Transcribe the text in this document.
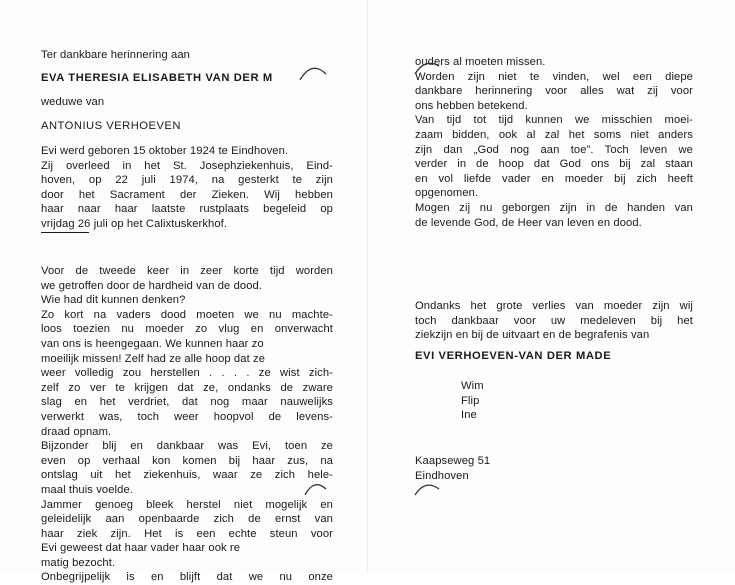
Ter dankbare herinnering aan
EVA THERESIA ELISABETH VAN DER M
weduwe van
ANTONIUS VERHOEVEN
Evi werd geboren 15 oktober 1924 te Eindhoven.
Zij overleed in het St. Josephziekenhuis, Eind-
hoven, op 22 juli 1974, na gesterkt te zijn
door het Sacrament der Zieken. Wij hebben
haar naar haar laatste rustplaats begeleid op
vrijdag 26 juli op het Calixtuskerkhof.
Voor de tweede keer in zeer korte tijd worden
we getroffen door de hardheid van de dood.
Wie had dit kunnen denken?
Zo kort na vaders dood moeten we nu machte-
loos toezien nu moeder zo vlug en onverwacht
van ons is heengegaan. We kunnen haar zo
moeilijk missen! Zelf had ze alle hoop dat ze
weer volledig zou herstellen . . . . ze wist zich-
zelf zo ver te krijgen dat ze, ondanks de zware
slag en het verdriet, dat nog maar nauwelijks
verwerkt was, toch weer hoopvol de levens-
draad opnam.
Bijzonder blij en dankbaar was Evi, toen ze
even op verhaal kon komen bij haar zus, na
ontslag uit het ziekenhuis, waar ze zich hele-
maal thuis voelde.
Jammer genoeg bleek herstel niet mogelijk en
geleidelijk aan openbaarde zich de ernst van
haar ziek zijn. Het is een echte steun voor
Evi geweest dat haar vader haar ook re
matig bezocht.
Onbegrijpelijk is en blijft dat we nu onze
ouders al moeten missen.
Worden zijn niet te vinden, wel een diepe
dankbare herinnering voor alles wat zij voor
ons hebben betekend.
Van tijd tot tijd kunnen we misschien moei-
zaam bidden, ook al zal het soms niet anders
zijn dan „God nog aan toe”. Toch leven we
verder in de hoop dat God ons bij zal staan
en vol liefde vader en moeder bij zich heeft
opgenomen.
Mogen zij nu geborgen zijn in de handen van
de levende God, de Heer van leven en dood.
Ondanks het grote verlies van moeder zijn wij
toch dankbaar voor uw medeleven bij het
ziekzijn en bij de uitvaart en de begrafenis van
EVI VERHOEVEN-VAN DER MADE
Wim
Flip
Ine
Kaapseweg 51
Eindhoven
